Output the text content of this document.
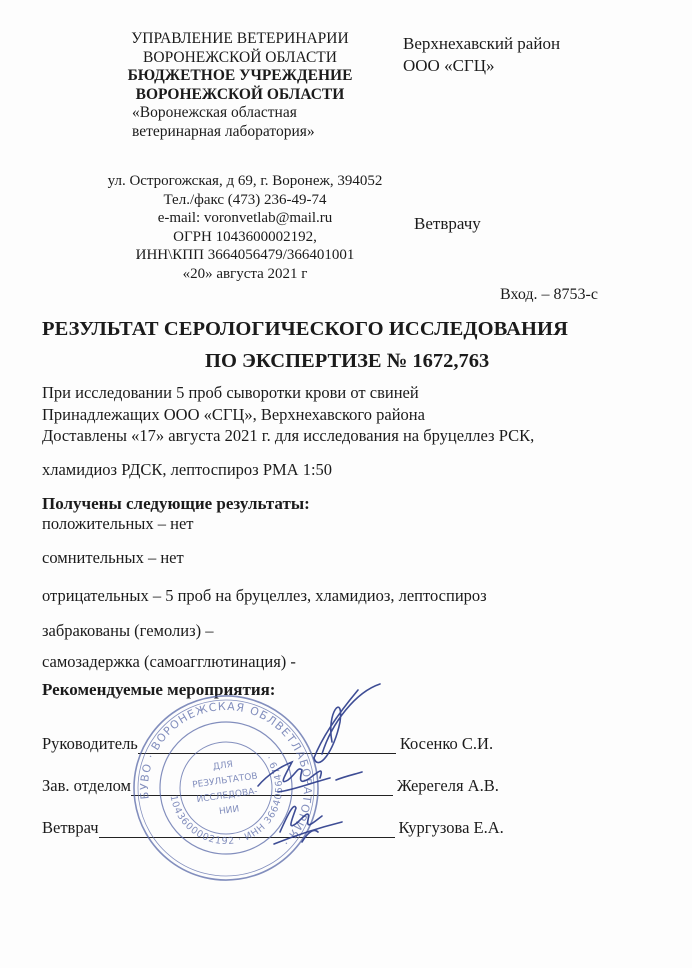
УПРАВЛЕНИЕ ВЕТЕРИНАРИИ
ВОРОНЕЖСКОЙ ОБЛАСТИ
БЮДЖЕТНОЕ УЧРЕЖДЕНИЕ
ВОРОНЕЖСКОЙ ОБЛАСТИ
«Воронежская областная
ветеринарная лаборатория»
ул. Острогожская, д 69, г. Воронеж, 394052
Тел./факс (473) 236-49-74
e-mail: voronvetlab@mail.ru
ОГРН 1043600002192,
ИНН\КПП 3664056479/366401001
«20» августа 2021 г
Верхнехавский район
ООО «СГЦ»
Ветврачу
Вход. – 8753-с
РЕЗУЛЬТАТ СЕРОЛОГИЧЕСКОГО ИССЛЕДОВАНИЯ
ПО ЭКСПЕРТИЗЕ № 1672,763
При исследовании 5 проб сыворотки крови от свиней
Принадлежащих ООО «СГЦ», Верхнехавского района
Доставлены «17» августа 2021 г. для исследования на бруцеллез РСК,
хламидиоз РДСК, лептоспироз РМА 1:50
Получены следующие результаты:
положительных – нет
сомнительных – нет
отрицательных – 5 проб на бруцеллез, хламидиоз, лептоспироз
забракованы (гемолиз) –
самозадержка (самоагглютинация) -
Рекомендуемые мероприятия:
Руководитель	Косенко С.И.
Зав. отделом	Жерегеля А.В.
Ветврач	Кургузова Е.А.
БУВО · ВОРОНЕЖСКАЯ ОБЛВЕТЛАБОРАТОРИЯ ·
1043600002192 · ИНН 3664056479 ·
ДЛЯ
РЕЗУЛЬТАТОВ
ИССЛЕДОВА-
НИИ
